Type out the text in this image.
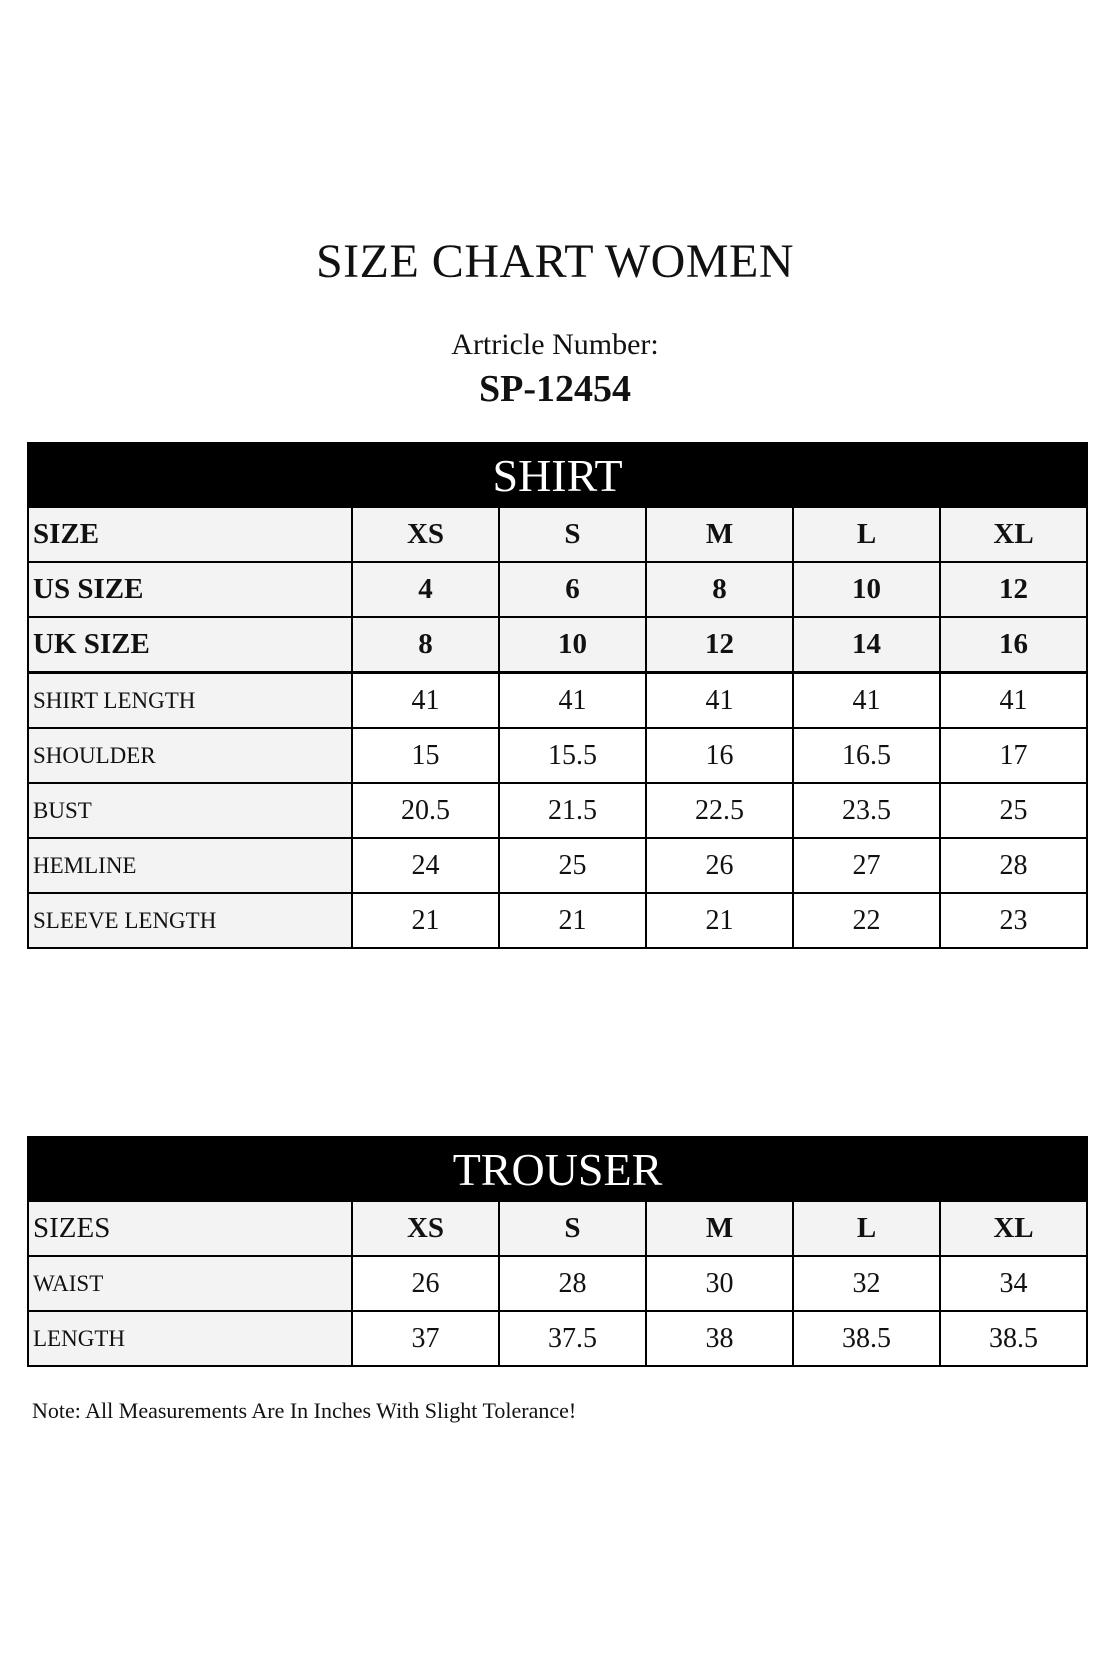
SIZE CHART WOMEN
Artricle Number:
SP-12454
SHIRT					
SIZE	XS	S	M	L	XL
US SIZE	4	6	8	10	12
UK SIZE	8	10	12	14	16
SHIRT LENGTH	41	41	41	41	41
SHOULDER	15	15.5	16	16.5	17
BUST	20.5	21.5	22.5	23.5	25
HEMLINE	24	25	26	27	28
SLEEVE LENGTH	21	21	21	22	23
TROUSER					
SIZES	XS	S	M	L	XL
WAIST	26	28	30	32	34
LENGTH	37	37.5	38	38.5	38.5
Note: All Measurements Are In Inches With Slight Tolerance!
